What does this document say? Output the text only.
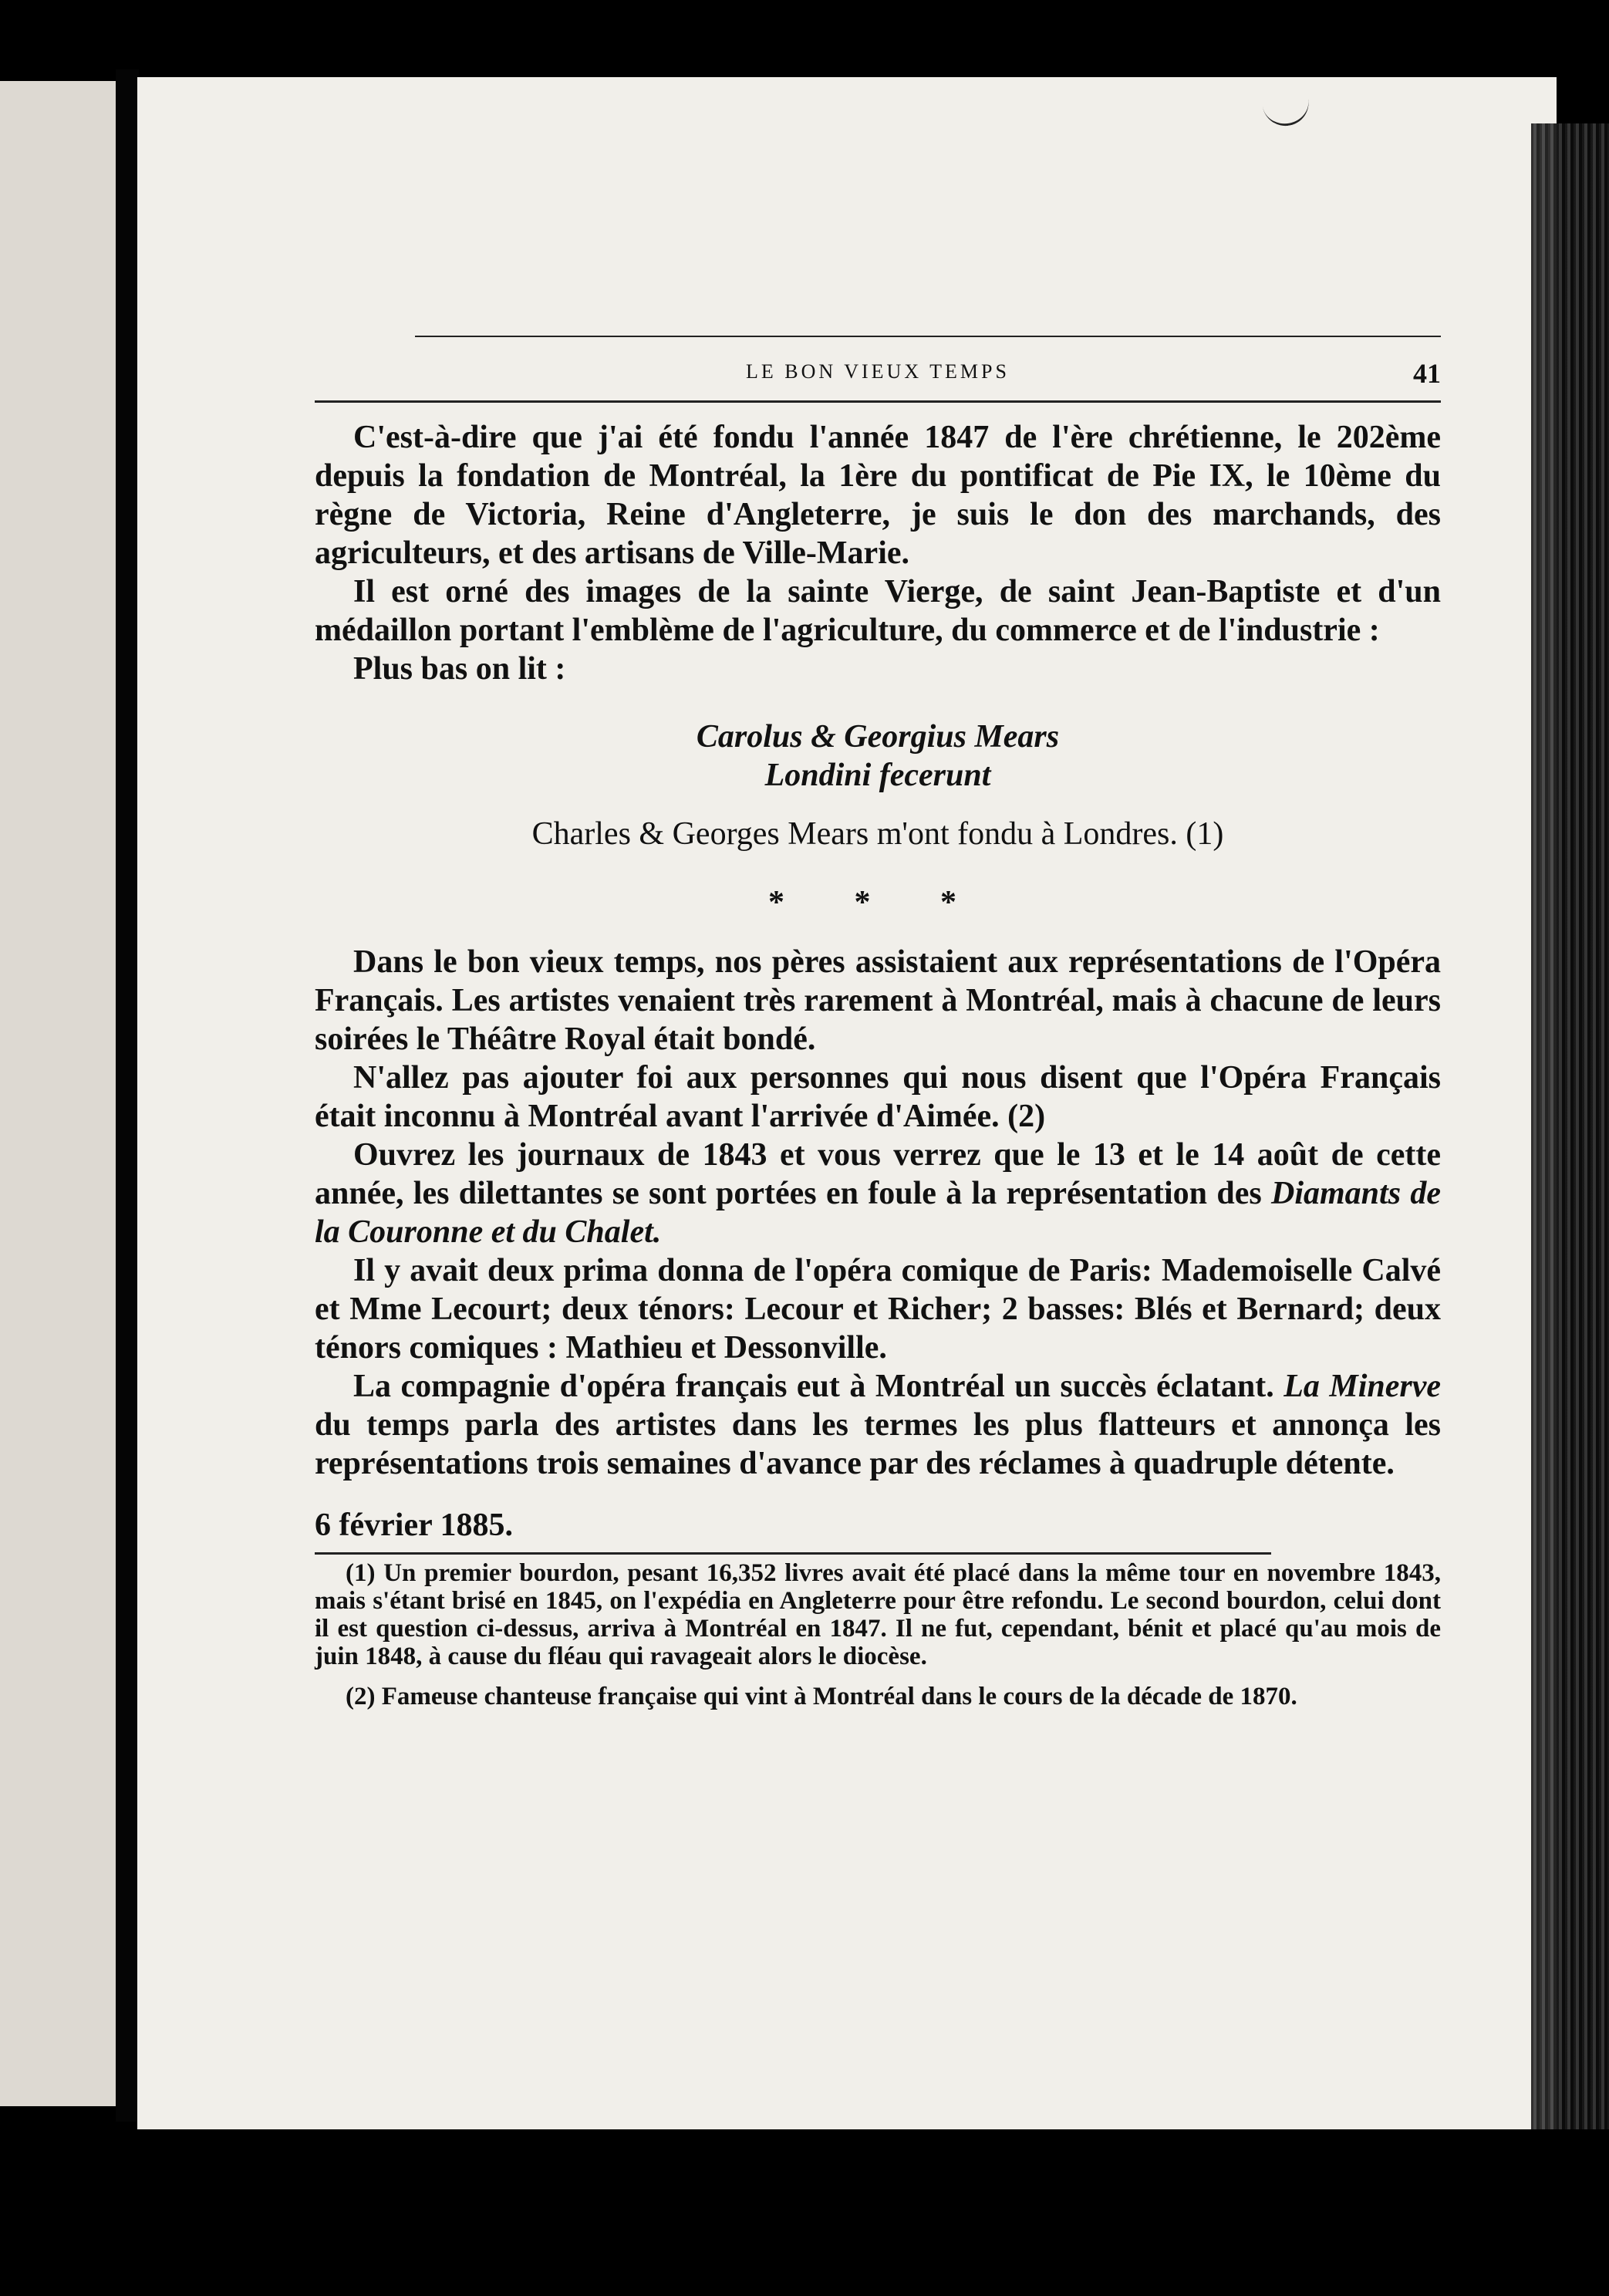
LE BON VIEUX TEMPS	41

C'est-à-dire que j'ai été fondu l'année 1847 de l'ère chrétienne, le 202ème depuis la fondation de Montréal, la 1ère du pontificat de Pie IX, le 10ème du règne de Victoria, Reine d'Angleterre, je suis le don des marchands, des agriculteurs, et des artisans de Ville-Marie.

Il est orné des images de la sainte Vierge, de saint Jean-Baptiste et d'un médaillon portant l'emblème de l'agriculture, du commerce et de l'industrie :

Plus bas on lit :

Carolus & Georgius Mears
Londini fecerunt
Charles & Georges Mears m'ont fondu à Londres. (1)
* * *

Dans le bon vieux temps, nos pères assistaient aux représentations de l'Opéra Français. Les artistes venaient très rarement à Montréal, mais à chacune de leurs soirées le Théâtre Royal était bondé.

N'allez pas ajouter foi aux personnes qui nous disent que l'Opéra Français était inconnu à Montréal avant l'arrivée d'Aimée. (2)

Ouvrez les journaux de 1843 et vous verrez que le 13 et le 14 août de cette année, les dilettantes se sont portées en foule à la représentation des Diamants de la Couronne et du Chalet.

Il y avait deux prima donna de l'opéra comique de Paris: Mademoiselle Calvé et Mme Lecourt; deux ténors: Lecour et Richer; 2 basses: Blés et Bernard; deux ténors comiques : Mathieu et Dessonville.

La compagnie d'opéra français eut à Montréal un succès éclatant. La Minerve du temps parla des artistes dans les termes les plus flatteurs et annonça les représentations trois semaines d'avance par des réclames à quadruple détente.

6 février 1885.

(1) Un premier bourdon, pesant 16,352 livres avait été placé dans la même tour en novembre 1843, mais s'étant brisé en 1845, on l'expédia en Angleterre pour être refondu. Le second bourdon, celui dont il est question ci-dessus, arriva à Montréal en 1847. Il ne fut, cependant, bénit et placé qu'au mois de juin 1848, à cause du fléau qui ravageait alors le diocèse.

(2) Fameuse chanteuse française qui vint à Montréal dans le cours de la décade de 1870.
